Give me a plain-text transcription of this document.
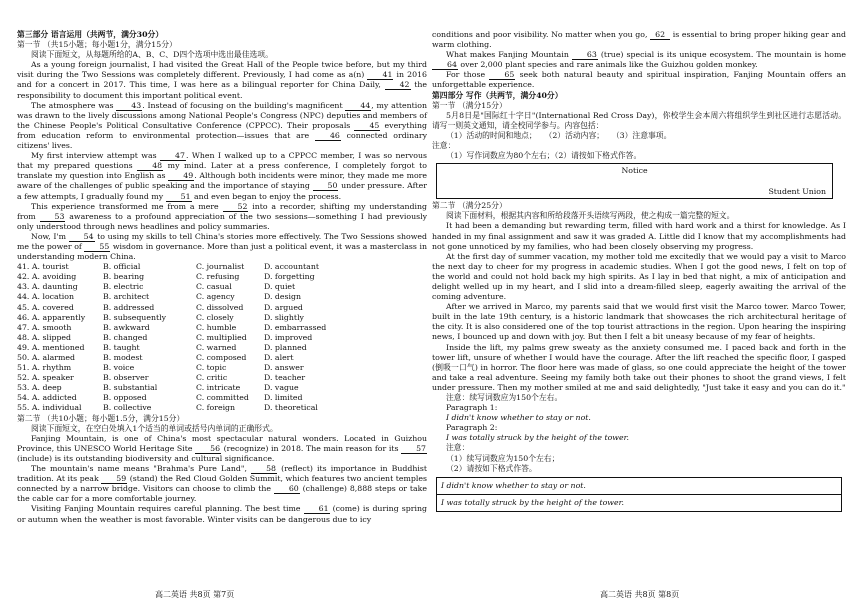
第三部分 语言运用（共两节，满分30分）

第一节 （共15小题；每小题1分，满分15分）

阅读下面短文，从每题所给的A、B、C、D四个选项中选出最佳选项。

As a young foreign journalist, I had visited the Great Hall of the People twice before, but my third visit during the Two Sessions was completely different. Previously, I had come as a(n) 41 in 2016 and for a concert in 2017. This time, I was here as a bilingual reporter for China Daily, 42 the responsibility to document this important political event.

The atmosphere was 43. Instead of focusing on the building's magnificent 44, my attention was drawn to the lively discussions among National People's Congress (NPC) deputies and members of the Chinese People's Political Consultative Conference (CPPCC). Their proposals 45 everything from education reform to environmental protection—issues that are	46 connected ordinary citizens' lives.

My first interview attempt was 47. When I walked up to a CPPCC member, I was so nervous that my prepared questions	48 my mind. Later at a press conference, I completely forgot to translate my question into English as 49. Although both incidents were minor, they made me more aware of the challenges of public speaking and the importance of staying 50 under pressure. After a few attempts, I gradually found my 51 and even began to enjoy the process.

This experience transformed me from a mere 52 into a recorder, shifting my understanding from 53 awareness to a profound appreciation of the two sessions—something I had previously only understood through news headlines and policy summaries.

Now, I'm 54 to using my skills to tell China's stories more effectively. The Two Sessions showed me the power of 55 wisdom in governance. More than just a political event, it was a masterclass in understanding modern China.

41. A. tourist	B. official	C. journalist	D. accountant
42. A. avoiding	B. bearing	C. refusing	D. forgetting
43. A. daunting	B. electric	C. casual	D. quiet
44. A. location	B. architect	C. agency	D. design
45. A. covered	B. addressed	C. dissolved	D. argued
46. A. apparently	B. subsequently	C. closely	D. slightly
47. A. smooth	B. awkward	C. humble	D. embarrassed
48. A. slipped	B. changed	C. multiplied	D. improved
49. A. mentioned	B. taught	C. warned	D. planned
50. A. alarmed	B. modest	C. composed	D. alert
51. A. rhythm	B. voice	C. topic	D. answer
52. A. speaker	B. observer	C. critic	D. teacher
53. A. deep	B. substantial	C. intricate	D. vague
54. A. addicted	B. opposed	C. committed	D. limited
55. A. individual	B. collective	C. foreign	D. theoretical

第二节 （共10小题；每小题1.5分，满分15分）

阅读下面短文，在空白处填入1个适当的单词或括号内单词的正确形式。

Fanjing Mountain, is one of China's most spectacular natural wonders. Located in Guizhou Province, this UNESCO World Heritage Site 56 (recognize) in 2018. The main reason for its 57 (include) is its outstanding biodiversity and cultural significance.

The mountain's name means "Brahma's Pure Land", 58 (reflect) its importance in Buddhist tradition. At its peak 59 (stand) the Red Cloud Golden Summit, which features two ancient temples connected by a narrow bridge. Visitors can choose to climb the 60 (challenge) 8,888 steps or take the cable car for a more comfortable journey.

Visiting Fanjing Mountain requires careful planning. The best time 61 (come) is during spring or autumn when the weather is most favorable. Winter visits can be dangerous due to icy

conditions and poor visibility. No matter when you go, 62 is essential to bring proper hiking gear and warm clothing.

What makes Fanjing Mountain 63 (true) special is its unique ecosystem. The mountain is home 64 over 2,000 plant species and rare animals like the Guizhou golden monkey.

For those 65 seek both natural beauty and spiritual inspiration, Fanjing Mountain offers an unforgettable experience.

第四部分 写作（共两节，满分40分）

第一节 （满分15分）

5月8日是"国际红十字日"(International Red Cross Day)，你校学生会本周六将组织学生到社区进行志愿活动。请写一则英文通知，请全校同学参与。内容包括：

（1）活动的时间和地点；　　（2）活动内容；　　（3）注意事项。

注意：

（1）写作词数应为80个左右；（2）请按如下格式作答。

Notice
Student Union

第二节 （满分25分）

阅读下面材料，根据其内容和所给段落开头语续写两段，使之构成一篇完整的短文。

It had been a demanding but rewarding term, filled with hard work and a thirst for knowledge. As I handed in my final assignment and saw it was graded A. Little did I know that my accomplishments had not gone unnoticed by my families, who had been closely observing my progress.

At the first day of summer vacation, my mother told me excitedly that we would pay a visit to Marco the next day to cheer for my progress in academic studies. When I got the good news, I felt on top of the world and could not hold back my high spirits. As I lay in bed that night, a mix of anticipation and delight welled up in my heart, and I slid into a dream-filled sleep, eagerly awaiting the arrival of the coming adventure.

After we arrived in Marco, my parents said that we would first visit the Marco tower. Marco Tower, built in the late 19th century, is a historic landmark that showcases the rich architectural heritage of the city. It is also considered one of the top tourist attractions in the region. Upon hearing the inspiring news, I bounced up and down with joy. But then I felt a bit uneasy because of my fear of heights.

Inside the lift, my palms grew sweaty as the anxiety consumed me. I paced back and forth in the tower lift, unsure of whether I would have the courage. After the lift reached the specific floor, I gasped (倒吸一口气) in horror. The floor here was made of glass, so one could appreciate the height of the tower and take a real adventure. Seeing my family both take out their phones to shoot the grand views, I felt under pressure. Then my mother smiled at me and said delightedly, "Just take it easy and you can do it."

注意：续写词数应为150个左右。

Paragraph 1:

I didn't know whether to stay or not.

Paragraph 2:

I was totally struck by the height of the tower.

注意：

（1）续写词数应为150个左右；

（2）请按如下格式作答。

I didn't know whether to stay or not.
I was totally struck by the height of the tower.
高二英语 共8页 第7页	高二英语 共8页 第8页
